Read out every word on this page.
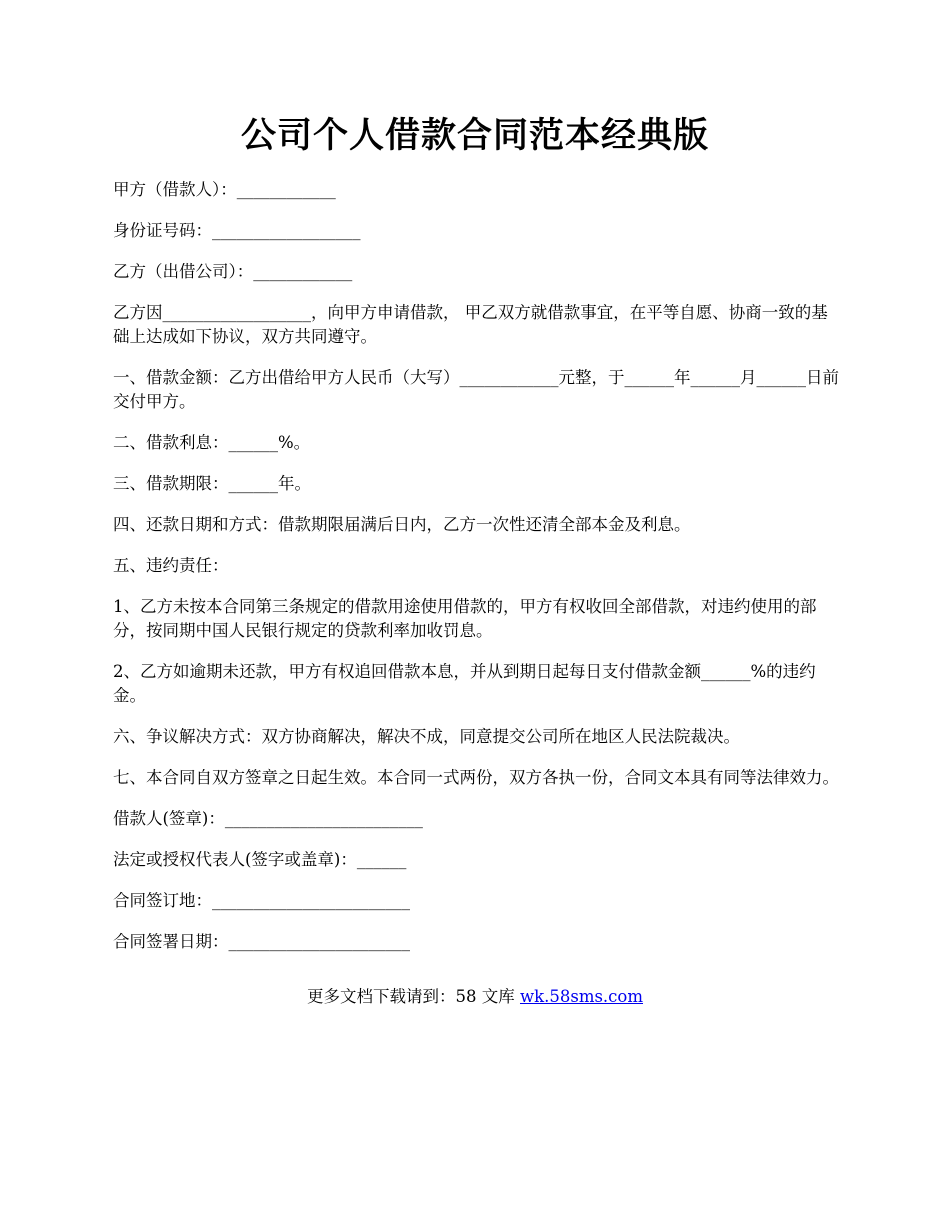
公司个人借款合同范本经典版

甲方（借款人）：____________

身份证号码：__________________

乙方（出借公司）：____________

乙方因__________________，向甲方申请借款， 甲乙双方就借款事宜，在平等自愿、协商一致的基础上达成如下协议，双方共同遵守。

一、借款金额：乙方出借给甲方人民币（大写）____________元整，于______年______月______日前交付甲方。

二、借款利息：______%。

三、借款期限：______年。

四、还款日期和方式：借款期限届满后日内，乙方一次性还清全部本金及利息。

五、违约责任：

1、乙方未按本合同第三条规定的借款用途使用借款的，甲方有权收回全部借款，对违约使用的部分，按同期中国人民银行规定的贷款利率加收罚息。

2、乙方如逾期未还款，甲方有权追回借款本息，并从到期日起每日支付借款金额______%的违约金。

六、争议解决方式：双方协商解决，解决不成，同意提交公司所在地区人民法院裁决。

七、本合同自双方签章之日起生效。本合同一式两份，双方各执一份，合同文本具有同等法律效力。

借款人(签章)：________________________

法定或授权代表人(签字或盖章)：______

合同签订地：________________________

合同签署日期：______________________

更多文档下载请到：58 文库 wk.58sms.com
